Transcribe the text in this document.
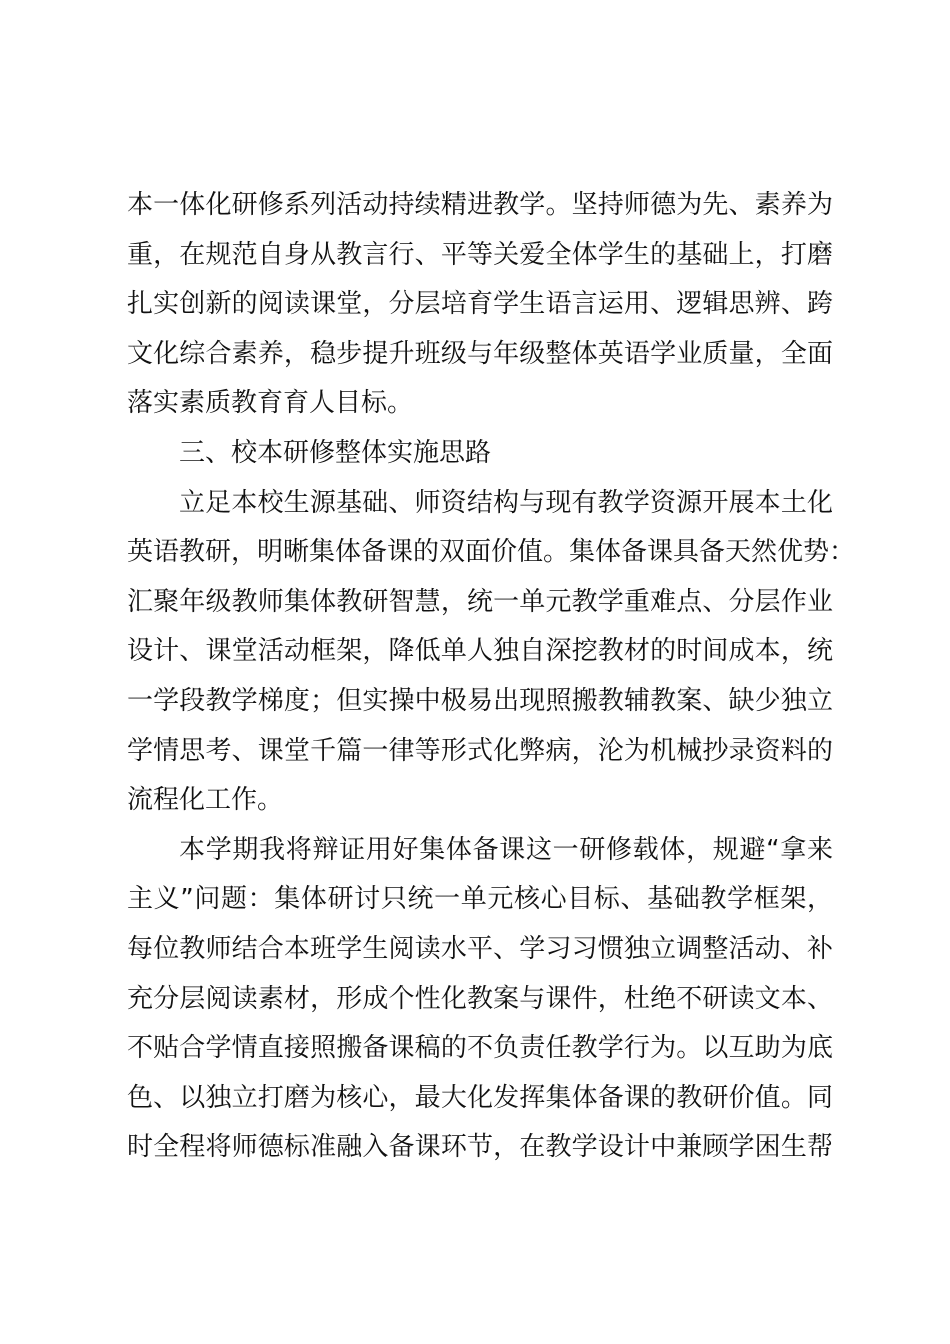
本一体化研修系列活动持续精进教学。坚持师德为先、素养为
重，在规范自身从教言行、平等关爱全体学生的基础上，打磨
扎实创新的阅读课堂，分层培育学生语言运用、逻辑思辨、跨
文化综合素养，稳步提升班级与年级整体英语学业质量，全面
落实素质教育育人目标。
三、校本研修整体实施思路
立足本校生源基础、师资结构与现有教学资源开展本土化
英语教研，明晰集体备课的双面价值。集体备课具备天然优势：
汇聚年级教师集体教研智慧，统一单元教学重难点、分层作业
设计、课堂活动框架，降低单人独自深挖教材的时间成本，统
一学段教学梯度；但实操中极易出现照搬教辅教案、缺少独立
学情思考、课堂千篇一律等形式化弊病，沦为机械抄录资料的
流程化工作。
本学期我将辩证用好集体备课这一研修载体，规避“拿来
主义”问题：集体研讨只统一单元核心目标、基础教学框架，
每位教师结合本班学生阅读水平、学习习惯独立调整活动、补
充分层阅读素材，形成个性化教案与课件，杜绝不研读文本、
不贴合学情直接照搬备课稿的不负责任教学行为。以互助为底
色、以独立打磨为核心，最大化发挥集体备课的教研价值。同
时全程将师德标准融入备课环节，在教学设计中兼顾学困生帮
